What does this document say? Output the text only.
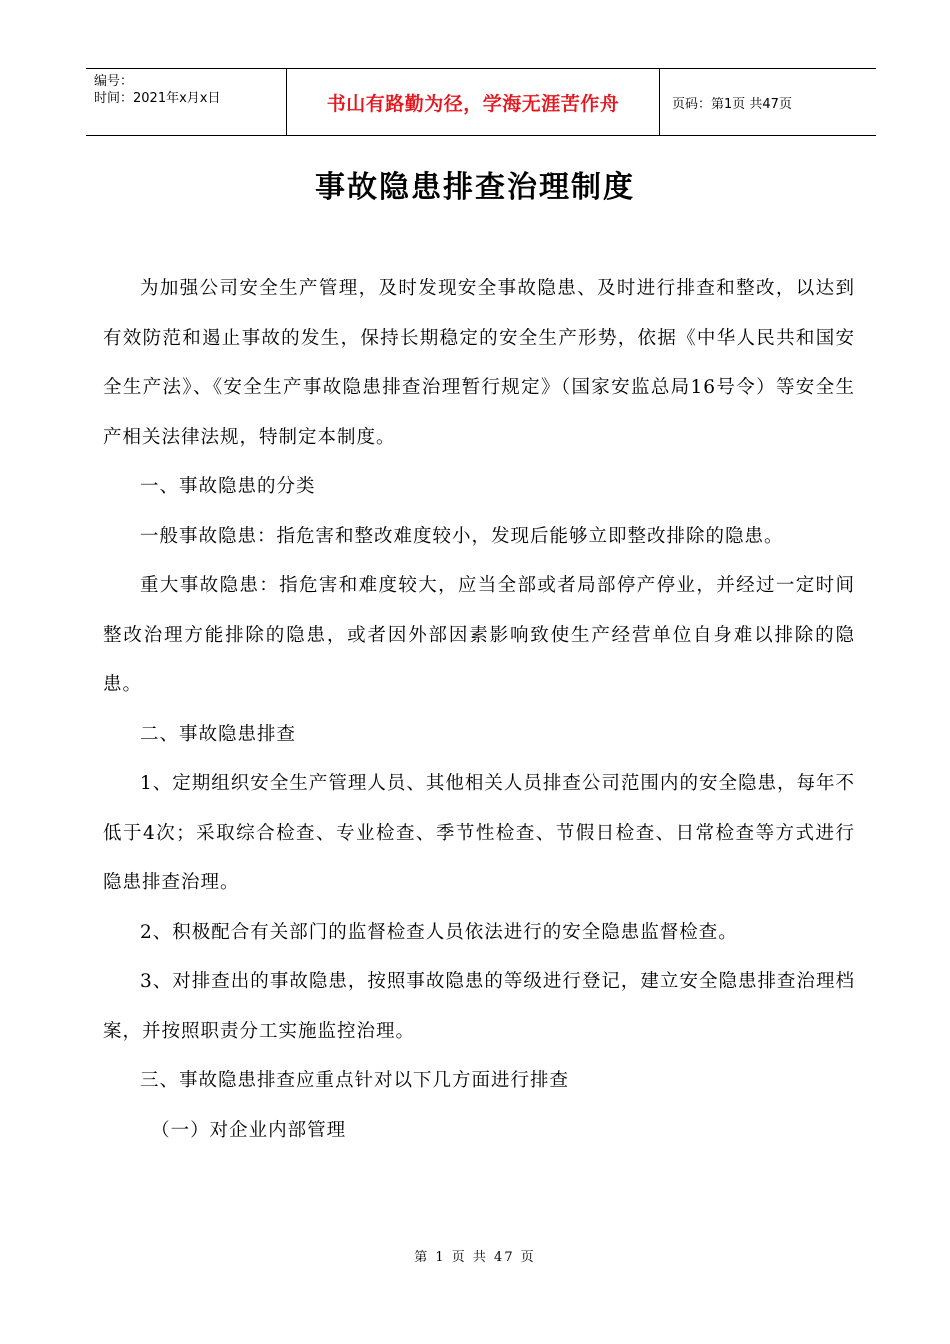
编号：
时间：2021年x月x日	书山有路勤为径，学海无涯苦作舟	页码：第1页 共47页
事故隐患排查治理制度

为加强公司安全生产管理，及时发现安全事故隐患、及时进行排查和整改，以达到有效防范和遏止事故的发生，保持长期稳定的安全生产形势，依据《中华人民共和国安全生产法》、《安全生产事故隐患排查治理暂行规定》（国家安监总局16号令）等安全生产相关法律法规，特制定本制度。

一、事故隐患的分类

一般事故隐患：指危害和整改难度较小，发现后能够立即整改排除的隐患。

重大事故隐患：指危害和难度较大，应当全部或者局部停产停业，并经过一定时间整改治理方能排除的隐患，或者因外部因素影响致使生产经营单位自身难以排除的隐患。

二、事故隐患排查

1、定期组织安全生产管理人员、其他相关人员排查公司范围内的安全隐患，每年不低于4次；采取综合检查、专业检查、季节性检查、节假日检查、日常检查等方式进行隐患排查治理。

2、积极配合有关部门的监督检查人员依法进行的安全隐患监督检查。

3、对排查出的事故隐患，按照事故隐患的等级进行登记，建立安全隐患排查治理档案，并按照职责分工实施监控治理。

三、事故隐患排查应重点针对以下几方面进行排查

（一）对企业内部管理

第 1 页 共 47 页
